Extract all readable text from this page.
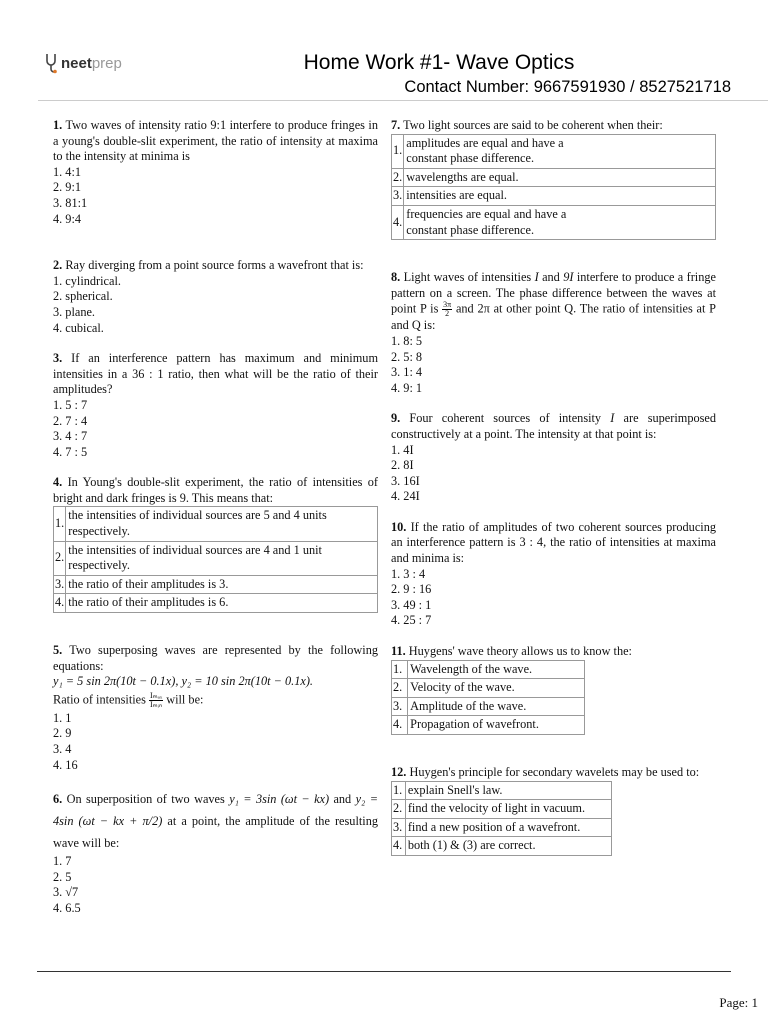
neetprep	Home Work #1- Wave Optics
Contact Number: 9667591930 / 8527521718

1. Two waves of intensity ratio 9:1 interfere to produce fringes in a young's double-slit experiment, the ratio of intensity at maxima to the intensity at minima is

1. 4:1
2. 9:1
3. 81:1
4. 9:4

2. Ray diverging from a point source forms a wavefront that is:

1. cylindrical.
2. spherical.
3. plane.
4. cubical.

3. If an interference pattern has maximum and minimum intensities in a 36 : 1 ratio, then what will be the ratio of their amplitudes?

1. 5 : 7
2. 7 : 4
3. 4 : 7
4. 7 : 5

4. In Young's double-slit experiment, the ratio of intensities of bright and dark fringes is 9. This means that:

1.	the intensities of individual sources are 5 and 4 units respectively.
2.	the intensities of individual sources are 4 and 1 unit respectively.
3.	the ratio of their amplitudes is 3.
4.	the ratio of their amplitudes is 6.

5. Two superposing waves are represented by the following equations:

y₁ = 5 sin 2π(10t − 0.1x), y₂ = 10 sin 2π(10t − 0.1x).
Ratio of intensities $\frac{\text{Iₘₐₓ}}{\text{Iₘᵢₙ}}$ will be:
1. 1
2. 9
3. 4
4. 16

6. On superposition of two waves y₁ = 3sin (ωt − kx) and y₂ = 4sin (ωt − kx + π/2) at a point, the amplitude of the resulting wave will be:

1. 7
2. 5
3. √7
4. 6.5

7. Two light sources are said to be coherent when their:

1.	amplitudes are equal and have a constant phase difference.
2.	wavelengths are equal.
3.	intensities are equal.
4.	frequencies are equal and have a constant phase difference.

8. Light waves of intensities I and 9I interfere to produce a fringe pattern on a screen. The phase difference between the waves at point P is $\frac{3\pi}{2}$ and 2π at other point Q. The ratio of intensities at P and Q is:

1. 8: 5
2. 5: 8
3. 1: 4
4. 9: 1

9. Four coherent sources of intensity I are superimposed constructively at a point. The intensity at that point is:

1. 4I
2. 8I
3. 16I
4. 24I

10. If the ratio of amplitudes of two coherent sources producing an interference pattern is 3 : 4, the ratio of intensities at maxima and minima is:

1. 3 : 4
2. 9 : 16
3. 49 : 1
4. 25 : 7

11. Huygens' wave theory allows us to know the:

1.	Wavelength of the wave.
2.	Velocity of the wave.
3.	Amplitude of the wave.
4.	Propagation of wavefront.

12. Huygen's principle for secondary wavelets may be used to:

1.	explain Snell's law.
2.	find the velocity of light in vacuum.
3.	find a new position of a wavefront.
4.	both (1) & (3) are correct.
Page: 1
